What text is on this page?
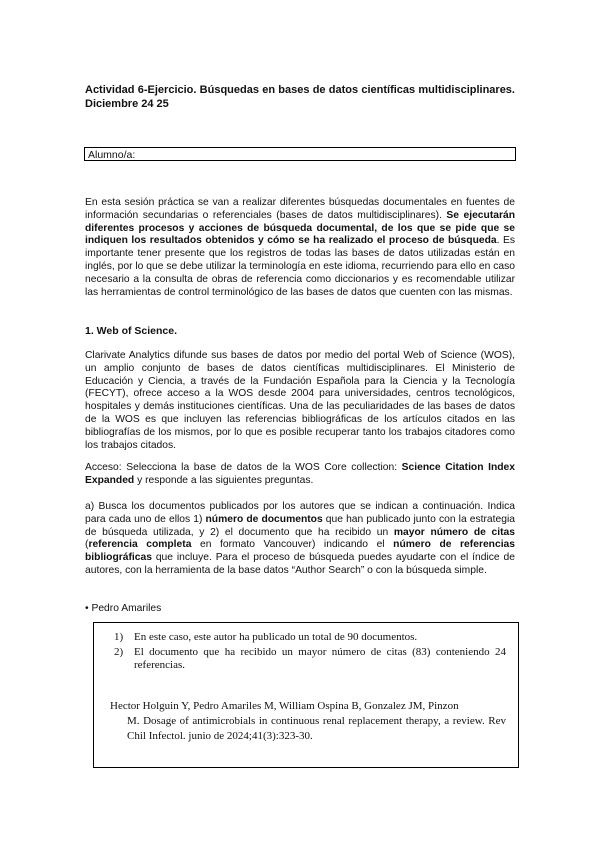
Actividad 6-Ejercicio. Búsquedas en bases de datos científicas multidisciplinares. Diciembre 24 25
Alumno/a:
En esta sesión práctica se van a realizar diferentes búsquedas documentales en fuentes de información secundarias o referenciales (bases de datos multidisciplinares). Se ejecutarán diferentes procesos y acciones de búsqueda documental, de los que se pide que se indiquen los resultados obtenidos y cómo se ha realizado el proceso de búsqueda. Es importante tener presente que los registros de todas las bases de datos utilizadas están en inglés, por lo que se debe utilizar la terminología en este idioma, recurriendo para ello en caso necesario a la consulta de obras de referencia como diccionarios y es recomendable utilizar las herramientas de control terminológico de las bases de datos que cuenten con las mismas.
1. Web of Science.
Clarivate Analytics difunde sus bases de datos por medio del portal Web of Science (WOS), un amplio conjunto de bases de datos científicas multidisciplinares. El Ministerio de Educación y Ciencia, a través de la Fundación Española para la Ciencia y la Tecnología (FECYT), ofrece acceso a la WOS desde 2004 para universidades, centros tecnológicos, hospitales y demás instituciones científicas. Una de las peculiaridades de las bases de datos de la WOS es que incluyen las referencias bibliográficas de los artículos citados en las bibliografías de los mismos, por lo que es posible recuperar tanto los trabajos citadores como los trabajos citados.
Acceso: Selecciona la base de datos de la WOS Core collection: Science Citation Index Expanded y responde a las siguientes preguntas.
a) Busca los documentos publicados por los autores que se indican a continuación. Indica para cada uno de ellos 1) número de documentos que han publicado junto con la estrategia de búsqueda utilizada, y 2) el documento que ha recibido un mayor número de citas (referencia completa en formato Vancouver) indicando el número de referencias bibliográficas que incluye. Para el proceso de búsqueda puedes ayudarte con el índice de autores, con la herramienta de la base datos “Author Search” o con la búsqueda simple.
• Pedro Amariles
1) En este caso, este autor ha publicado un total de 90 documentos.
2) El documento que ha recibido un mayor número de citas (83) conteniendo 24 referencias.
Hector Holguin Y, Pedro Amariles M, William Ospina B, Gonzalez JM, Pinzon
M. Dosage of antimicrobials in continuous renal replacement therapy, a review. Rev Chil Infectol. junio de 2024;41(3):323-30.
